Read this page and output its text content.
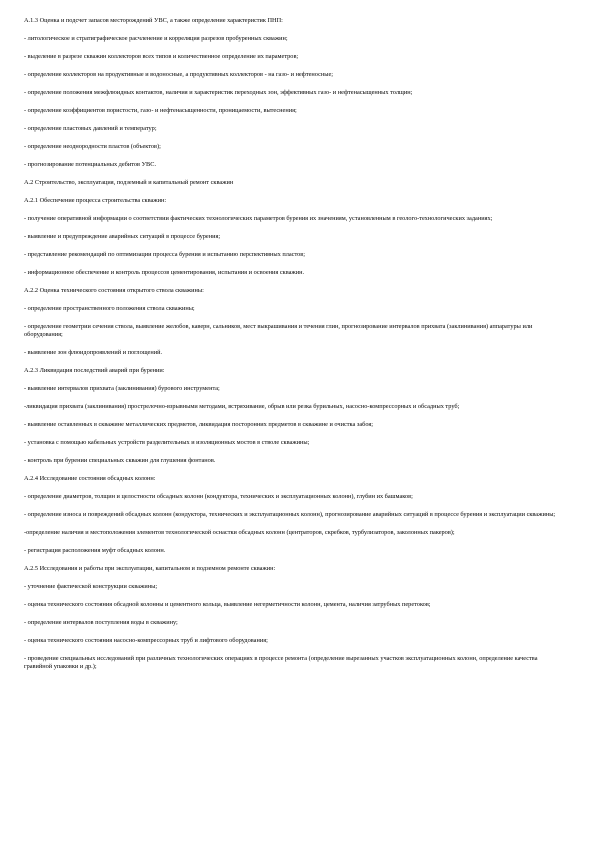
А.1.3 Оценка и подсчет запасов месторождений УВС, а также определение характеристик ПНП:

- литологическое и стратиграфическое расчленение и корреляция разрезов пробуренных скважин;

- выделение в разрезе скважин коллекторов всех типов и количественное определение их параметров;

- определение коллекторов на продуктивные и водоносные, а продуктивных коллекторов - на газо- и нефтеносные;

- определение положения межфлюидных контактов, наличия и характеристик переходных зон, эффективных газо- и нефтенасыщенных толщин;

- определение коэффициентов пористости, газо- и нефтенасыщенности, проницаемости, вытеснения;

- определение пластовых давлений и температур;

- определение неоднородности пластов (объектов);

- прогнозирование потенциальных дебитов УВС.

А.2 Строительство, эксплуатация, подземный и капитальный ремонт скважин

А.2.1 Обеспечение процесса строительства скважин:

- получение оперативной информации о соответствии фактических технологических параметров бурения их значениям, установленным в геолого-технологических заданиях;

- выявление и предупреждение аварийных ситуаций в процессе бурения;

- представление рекомендаций по оптимизации процесса бурения и испытанию перспективных пластов;

- информационное обеспечение и контроль процессов цементирования, испытания и освоения скважин.

А.2.2 Оценка технического состояния открытого ствола скважины:

- определение пространственного положения ствола скважины;

- определение геометрии сечения ствола, выявление желобов, каверн, сальников, мест выкрашивания и течения глин, прогнозирование интервалов прихвата (заклинивания) аппаратуры или оборудования;

- выявление зон флюидопроявлений и поглощений.

А.2.3 Ликвидация последствий аварий при бурении:

- выявление интервалов прихвата (заклинивания) бурового инструмента;

-ликвидация прихвата (заклинивания) прострелочно-взрывными методами, встряхивание, обрыв или резка бурильных, насосно-компрессорных и обсадных труб;

- выявление оставленных в скважине металлических предметов, ликвидация посторонних предметов в скважине и очистка забоя;

- установка с помощью кабельных устройств разделительных и изоляционных мостов в стволе скважины;

- контроль при бурении специальных скважин для глушения фонтанов.

А.2.4 Исследование состояния обсадных колонн:

- определение диаметров, толщин и целостности обсадных колонн (кондуктора, технических и эксплуатационных колонн), глубин их башмаков;

- определение износа и повреждений обсадных колонн (кондуктора, технических и эксплуатационных колонн), прогнозирование аварийных ситуаций в процессе бурения и эксплуатации скважины;

-определение наличия и местоположения элементов технологической оснастки обсадных колонн (центраторов, скребков, турбулизаторов, заколонных пакеров);

- регистрация расположения муфт обсадных колонн.

А.2.5 Исследования и работы при эксплуатации, капитальном и подземном ремонте скважин:

- уточнение фактической конструкции скважины;

- оценка технического состояния обсадной колонны и цементного кольца, выявление негерметичности колонн, цемента, наличия затрубных перетоков;

- определение интервалов поступления воды в скважину;

- оценка технического состояния насосно-компрессорных труб и лифтового оборудования;

- проведение специальных исследований при различных технологических операциях в процессе ремонта (определение вырезанных участков эксплуатационных колонн, определение качества гравийной упаковки и др.);
